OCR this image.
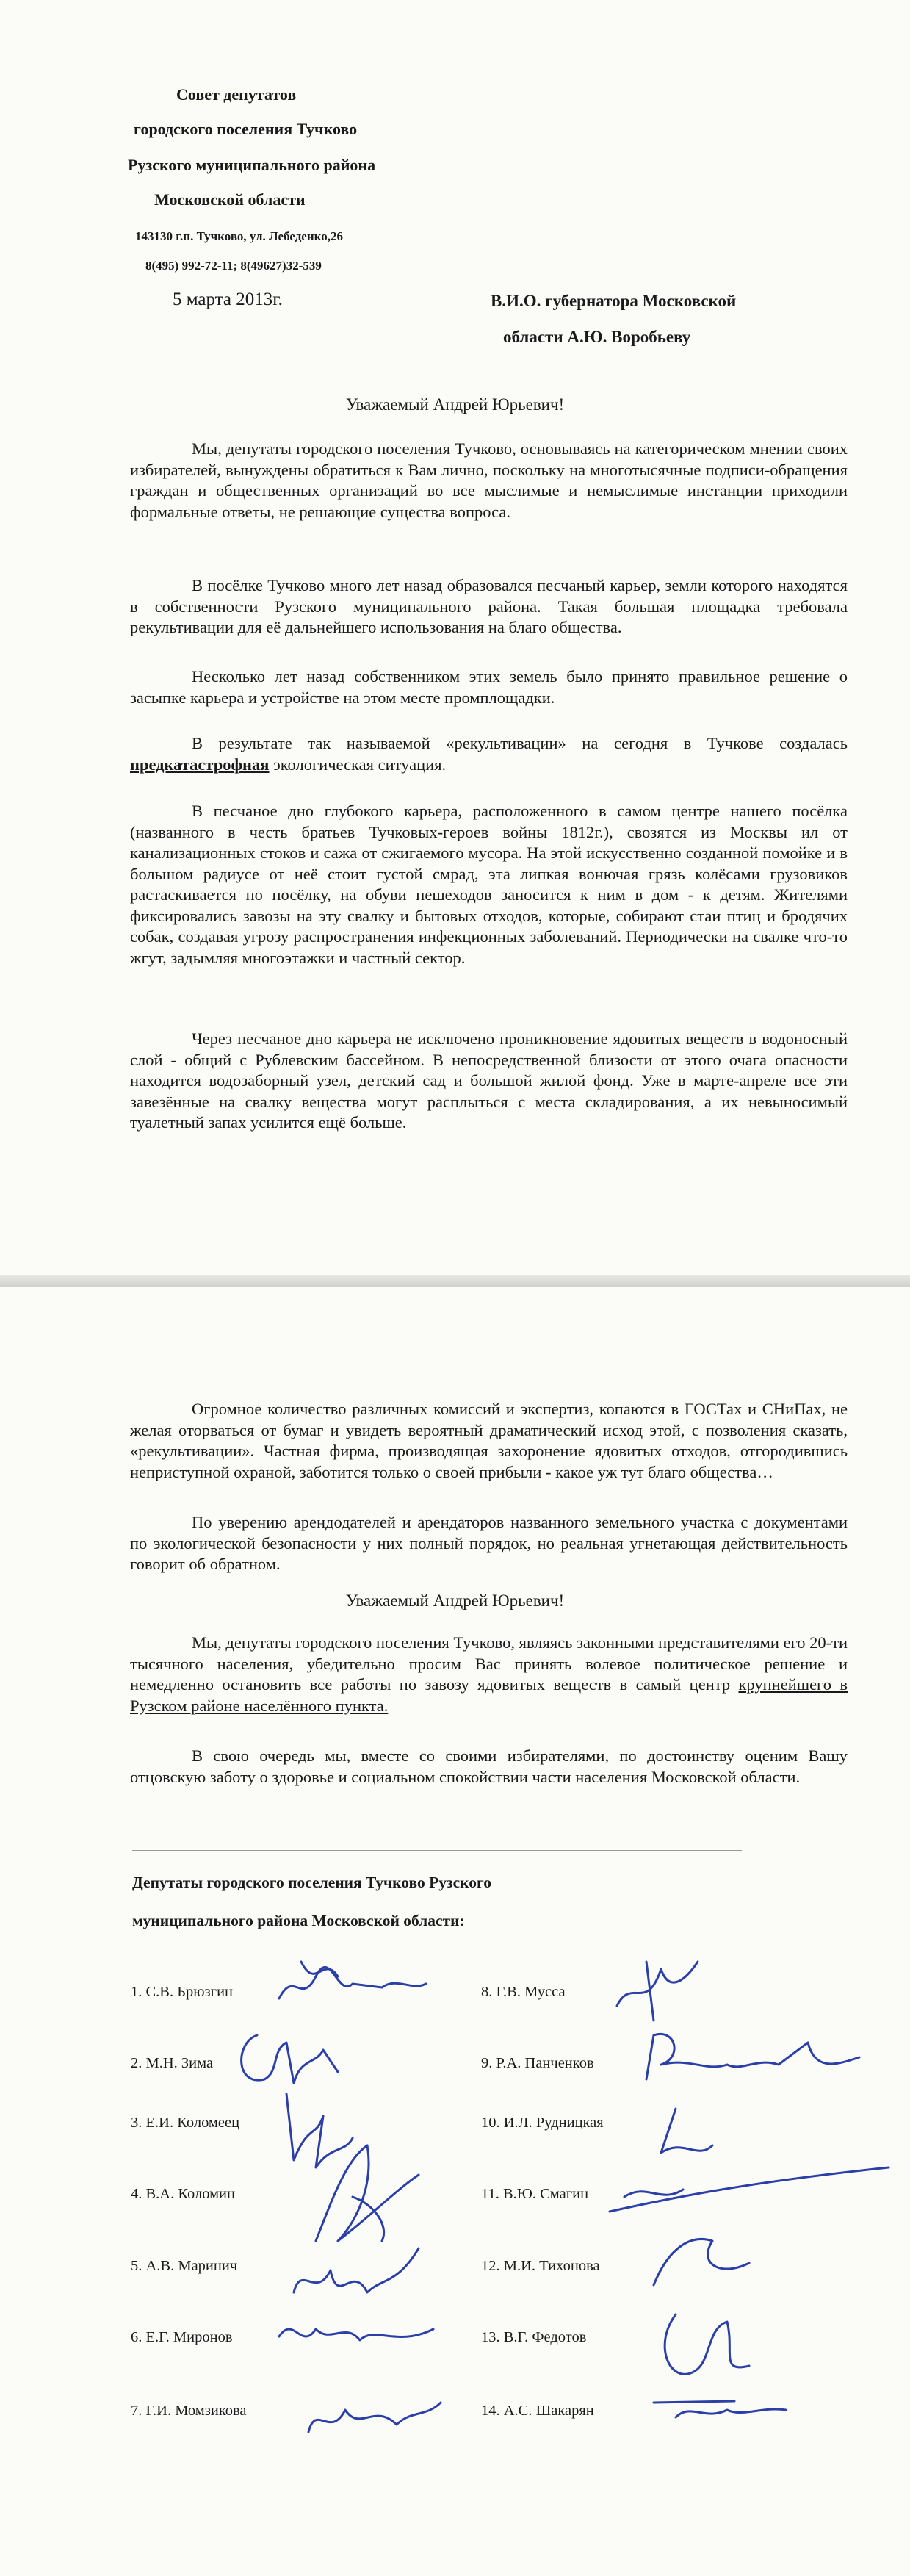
Совет депутатов
городского поселения Тучково
Рузского муниципального района
Московской области
143130 г.п. Тучково, ул. Лебеденко,26
8(495) 992-72-11; 8(49627)32-539
5 марта 2013г.	В.И.О. губернатора Московской
области А.Ю. Воробьеву
Уважаемый Андрей Юрьевич!

Мы, депутаты городского поселения Тучково, основываясь на категорическом мнении своих избирателей, вынуждены обратиться к Вам лично, поскольку на многотысячные подписи-обращения граждан и общественных организаций во все мыслимые и немыслимые инстанции приходили формальные ответы, не решающие существа вопроса.

В посёлке Тучково много лет назад образовался песчаный карьер, земли которого находятся в собственности Рузского муниципального района. Такая большая площадка требовала рекультивации для её дальнейшего использования на благо общества.

Несколько лет назад собственником этих земель было принято правильное решение о засыпке карьера и устройстве на этом месте промплощадки.

В результате так называемой «рекультивации» на сегодня в Тучкове создалась предкатастрофная экологическая ситуация.

В песчаное дно глубокого карьера, расположенного в самом центре нашего посёлка (названного в честь братьев Тучковых-героев войны 1812г.), свозятся из Москвы ил от канализационных стоков и сажа от сжигаемого мусора. На этой искусственно созданной помойке и в большом радиусе от неё стоит густой смрад, эта липкая вонючая грязь колёсами грузовиков растаскивается по посёлку, на обуви пешеходов заносится к ним в дом - к детям. Жителями фиксировались завозы на эту свалку и бытовых отходов, которые, собирают стаи птиц и бродячих собак, создавая угрозу распространения инфекционных заболеваний. Периодически на свалке что-то жгут, задымляя многоэтажки и частный сектор.

Через песчаное дно карьера не исключено проникновение ядовитых веществ в водоносный слой - общий с Рублевским бассейном. В непосредственной близости от этого очага опасности находится водозаборный узел, детский сад и большой жилой фонд. Уже в марте-апреле все эти завезённые на свалку вещества могут расплыться с места складирования, а их невыносимый туалетный запах усилится ещё больше.

Огромное количество различных комиссий и экспертиз, копаются в ГОСТах и СНиПах, не желая оторваться от бумаг и увидеть вероятный драматический исход этой, с позволения сказать, «рекультивации». Частная фирма, производящая захоронение ядовитых отходов, отгородившись неприступной охраной, заботится только о своей прибыли - какое уж тут благо общества…

По уверению арендодателей и арендаторов названного земельного участка с документами по экологической безопасности у них полный порядок, но реальная угнетающая действительность говорит об обратном.

Уважаемый Андрей Юрьевич!

Мы, депутаты городского поселения Тучково, являясь законными представителями его 20-ти тысячного населения, убедительно просим Вас принять волевое политическое решение и немедленно остановить все работы по завозу ядовитых веществ в самый центр крупнейшего в Рузском районе населённого пункта.

В свою очередь мы, вместе со своими избирателями, по достоинству оценим Вашу отцовскую заботу о здоровье и социальном спокойствии части населения Московской области.

Депутаты городского поселения Тучково Рузского
муниципального района Московской области:
1. С.В. Брюзгин
2. М.Н. Зима
3. Е.И. Коломеец
4. В.А. Коломин
5. А.В. Маринич
6. Е.Г. Миронов
7. Г.И. Момзикова
8. Г.В. Мусса
9. Р.А. Панченков
10. И.Л. Рудницкая
11. В.Ю. Смагин
12. М.И. Тихонова
13. В.Г. Федотов
14. А.С. Шакарян
